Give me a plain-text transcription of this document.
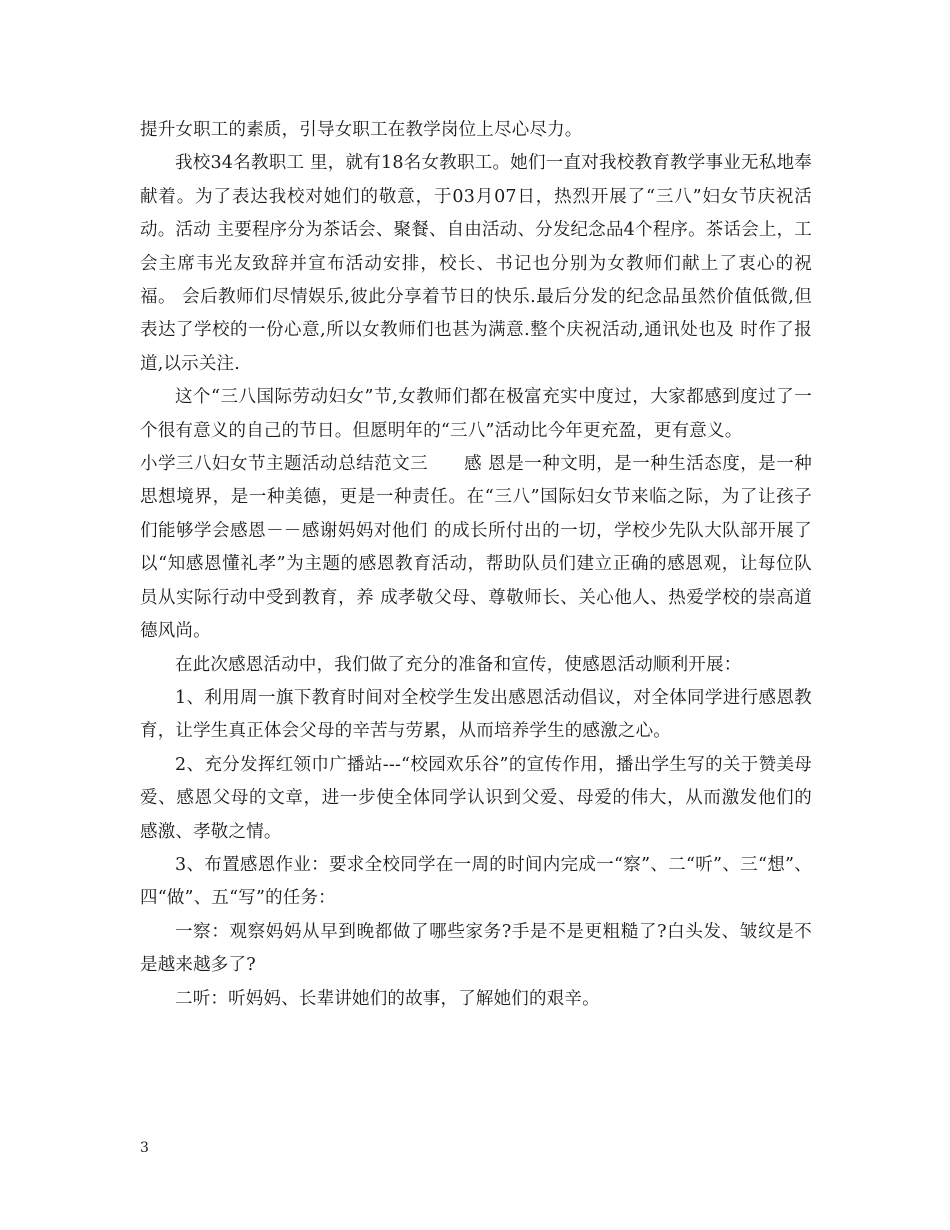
提升女职工的素质，引导女职工在教学岗位上尽心尽力。

我校34名教职工 里，就有18名女教职工。她们一直对我校教育教学事业无私地奉献着。为了表达我校对她们的敬意，于03月07日，热烈开展了“三八”妇女节庆祝活动。活动 主要程序分为茶话会、聚餐、自由活动、分发纪念品4个程序。茶话会上，工会主席韦光友致辞并宣布活动安排，校长、书记也分别为女教师们献上了衷心的祝福。 会后教师们尽情娱乐,彼此分享着节日的快乐.最后分发的纪念品虽然价值低微,但表达了学校的一份心意,所以女教师们也甚为满意.整个庆祝活动,通讯处也及 时作了报道,以示关注.

这个“三八国际劳动妇女”节,女教师们都在极富充实中度过，大家都感到度过了一个很有意义的自己的节日。但愿明年的“三八”活动比今年更充盈，更有意义。

小学三八妇女节主题活动总结范文三　　感 恩是一种文明，是一种生活态度，是一种思想境界，是一种美德，更是一种责任。在“三八”国际妇女节来临之际，为了让孩子们能够学会感恩－－感谢妈妈对他们 的成长所付出的一切，学校少先队大队部开展了以“知感恩懂礼孝”为主题的感恩教育活动，帮助队员们建立正确的感恩观，让每位队员从实际行动中受到教育，养 成孝敬父母、尊敬师长、关心他人、热爱学校的崇高道德风尚。

在此次感恩活动中，我们做了充分的准备和宣传，使感恩活动顺利开展：

1、利用周一旗下教育时间对全校学生发出感恩活动倡议，对全体同学进行感恩教育，让学生真正体会父母的辛苦与劳累，从而培养学生的感激之心。

2、充分发挥红领巾广播站---“校园欢乐谷”的宣传作用，播出学生写的关于赞美母爱、感恩父母的文章，进一步使全体同学认识到父爱、母爱的伟大，从而激发他们的感激、孝敬之情。

3、布置感恩作业：要求全校同学在一周的时间内完成一“察”、二“听”、三“想”、四“做”、五“写”的任务：

一察：观察妈妈从早到晚都做了哪些家务?手是不是更粗糙了?白头发、皱纹是不是越来越多了?

二听：听妈妈、长辈讲她们的故事，了解她们的艰辛。

3
